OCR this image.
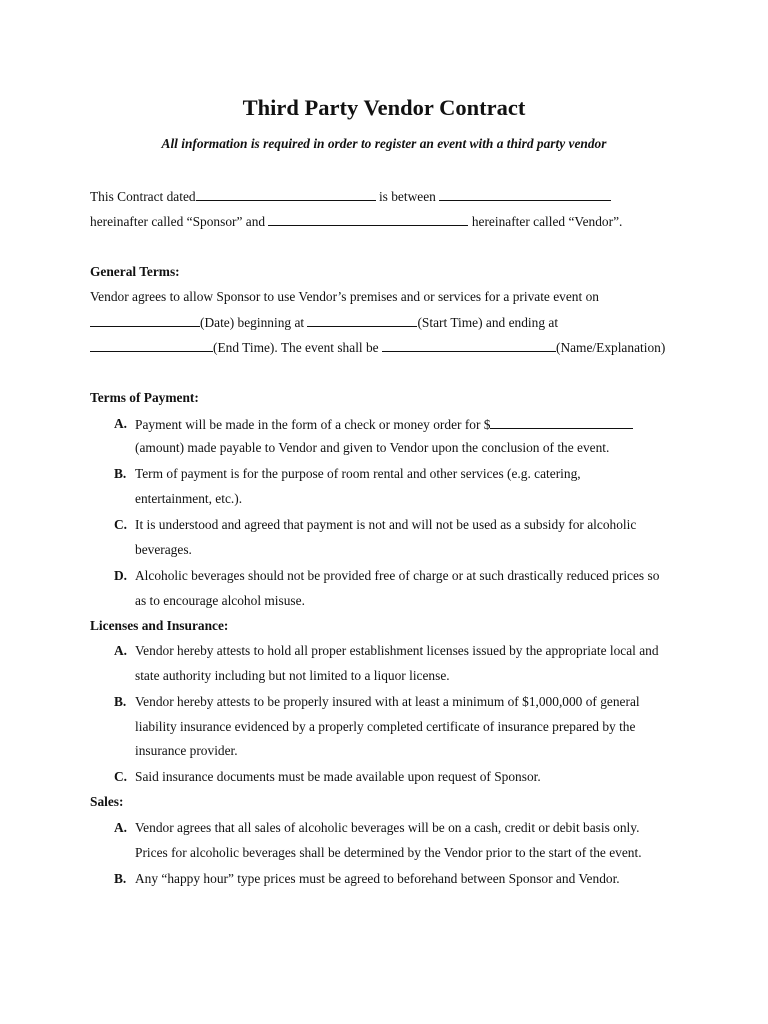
Third Party Vendor Contract

All information is required in order to register an event with a third party vendor

This Contract dated	is between
hereinafter called “Sponsor” and	hereinafter called “Vendor”.
General Terms:
Vendor agrees to allow Sponsor to use Vendor’s premises and or services for a private event on
(Date) beginning at	(Start Time) and ending at
(End Time). The event shall be	(Name/Explanation)
Terms of Payment:
A. Payment will be made in the form of a check or money order for $
(amount) made payable to Vendor and given to Vendor upon the conclusion of the event.
B. Term of payment is for the purpose of room rental and other services (e.g. catering,
entertainment, etc.).
C. It is understood and agreed that payment is not and will not be used as a subsidy for alcoholic
beverages.
D. Alcoholic beverages should not be provided free of charge or at such drastically reduced prices so
as to encourage alcohol misuse.
Licenses and Insurance:
A. Vendor hereby attests to hold all proper establishment licenses issued by the appropriate local and
state authority including but not limited to a liquor license.
B. Vendor hereby attests to be properly insured with at least a minimum of $1,000,000 of general
liability insurance evidenced by a properly completed certificate of insurance prepared by the
insurance provider.
C. Said insurance documents must be made available upon request of Sponsor.
Sales:
A. Vendor agrees that all sales of alcoholic beverages will be on a cash, credit or debit basis only.
Prices for alcoholic beverages shall be determined by the Vendor prior to the start of the event.
B. Any “happy hour” type prices must be agreed to beforehand between Sponsor and Vendor.
